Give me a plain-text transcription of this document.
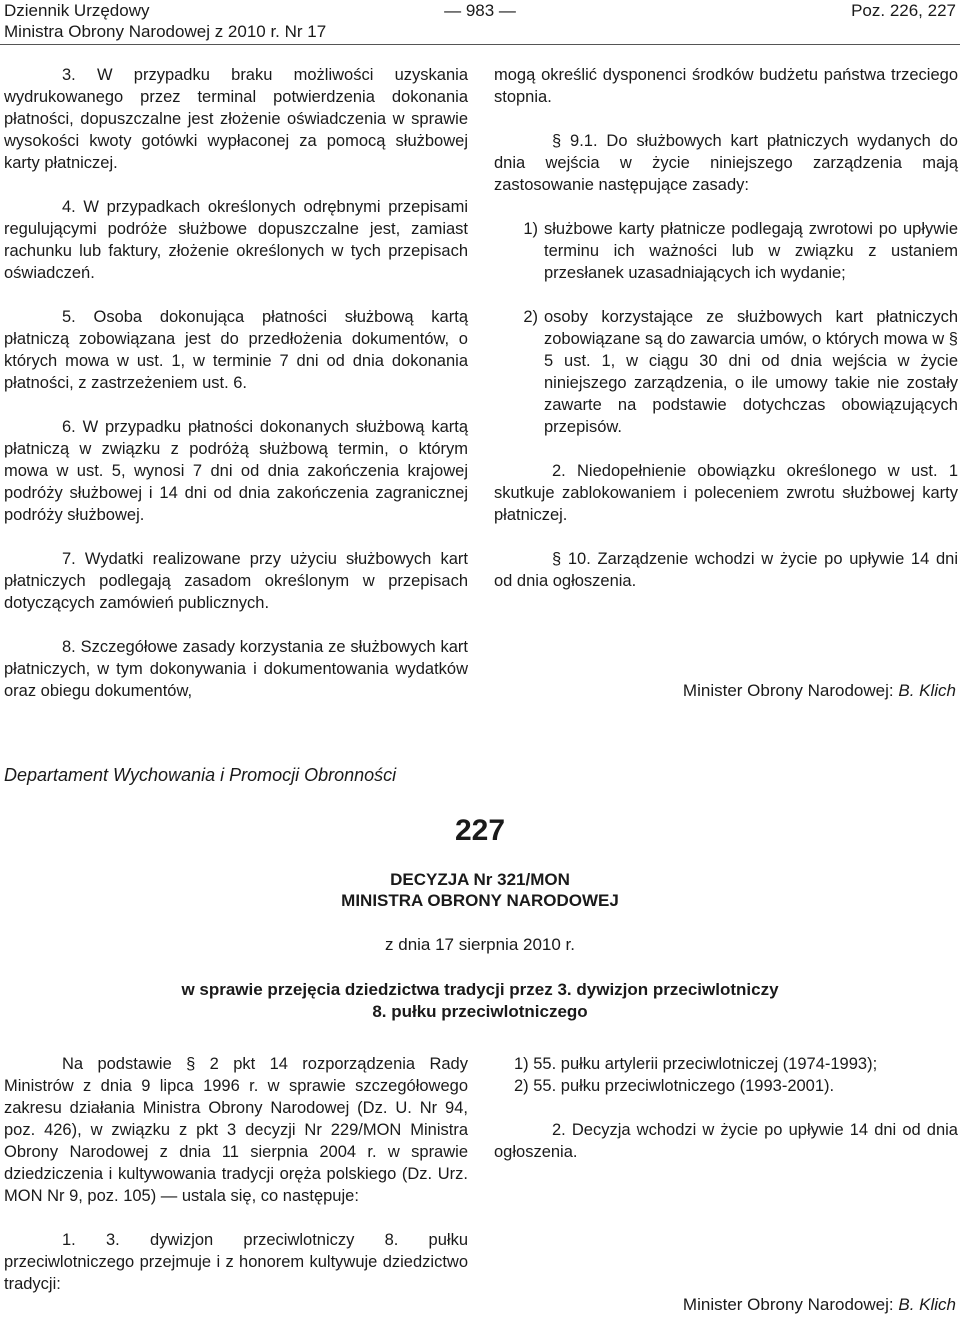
Dziennik Urzędowy
Ministra Obrony Narodowej z 2010 r. Nr 17
— 983 —	Poz. 226, 227

3. W przypadku braku możliwości uzyskania wydrukowanego przez terminal potwierdzenia dokonania płatności, dopuszczalne jest złożenie oświadczenia w sprawie wysokości kwoty gotówki wypłaconej za pomocą służbowej karty płatniczej.

4. W przypadkach określonych odrębnymi przepisami regulującymi podróże służbowe dopuszczalne jest, zamiast rachunku lub faktury, złożenie określonych w tych przepisach oświadczeń.

5. Osoba dokonująca płatności służbową kartą płatniczą zobowiązana jest do przedłożenia dokumentów, o których mowa w ust. 1, w terminie 7 dni od dnia dokonania płatności, z zastrzeżeniem ust. 6.

6. W przypadku płatności dokonanych służbową kartą płatniczą w związku z podróżą służbową termin, o którym mowa w ust. 5, wynosi 7 dni od dnia zakończenia krajowej podróży służbowej i 14 dni od dnia zakończenia zagranicznej podróży służbowej.

7. Wydatki realizowane przy użyciu służbowych kart płatniczych podlegają zasadom określonym w przepisach dotyczących zamówień publicznych.

8. Szczegółowe zasady korzystania ze służbowych kart płatniczych, w tym dokonywania i dokumentowania wydatków oraz obiegu dokumentów,

mogą określić dysponenci środków budżetu państwa trzeciego stopnia.

§ 9.1. Do służbowych kart płatniczych wydanych do dnia wejścia w życie niniejszego zarządzenia mają zastosowanie następujące zasady:

1) służbowe karty płatnicze podlegają zwrotowi po upływie terminu ich ważności lub w związku z ustaniem przesłanek uzasadniających ich wydanie;
2) osoby korzystające ze służbowych kart płatniczych zobowiązane są do zawarcia umów, o których mowa w § 5 ust. 1, w ciągu 30 dni od dnia wejścia w życie niniejszego zarządzenia, o ile umowy takie nie zostały zawarte na podstawie dotychczas obowiązujących przepisów.

2. Niedopełnienie obowiązku określonego w ust. 1 skutkuje zablokowaniem i poleceniem zwrotu służbowej karty płatniczej.

§ 10. Zarządzenie wchodzi w życie po upływie 14 dni od dnia ogłoszenia.

Minister Obrony Narodowej: B. Klich
Departament Wychowania i Promocji Obronności
227
DECYZJA Nr 321/MON
MINISTRA OBRONY NARODOWEJ
z dnia 17 sierpnia 2010 r.
w sprawie przejęcia dziedzictwa tradycji przez 3. dywizjon przeciwlotniczy
8. pułku przeciwlotniczego

Na podstawie § 2 pkt 14 rozporządzenia Rady Ministrów z dnia 9 lipca 1996 r. w sprawie szczegółowego zakresu działania Ministra Obrony Narodowej (Dz. U. Nr 94, poz. 426), w związku z pkt 3 decyzji Nr 229/MON Ministra Obrony Narodowej z dnia 11 sierpnia 2004 r. w sprawie dziedziczenia i kultywowania tradycji oręża polskiego (Dz. Urz. MON Nr 9, poz. 105) — ustala się, co następuje:

1. 3. dywizjon przeciwlotniczy 8. pułku przeciwlotniczego przejmuje i z honorem kultywuje dziedzictwo tradycji:

1) 55. pułku artylerii przeciwlotniczej (1974-1993);

2) 55. pułku przeciwlotniczego (1993-2001).

2. Decyzja wchodzi w życie po upływie 14 dni od dnia ogłoszenia.

Minister Obrony Narodowej: B. Klich
